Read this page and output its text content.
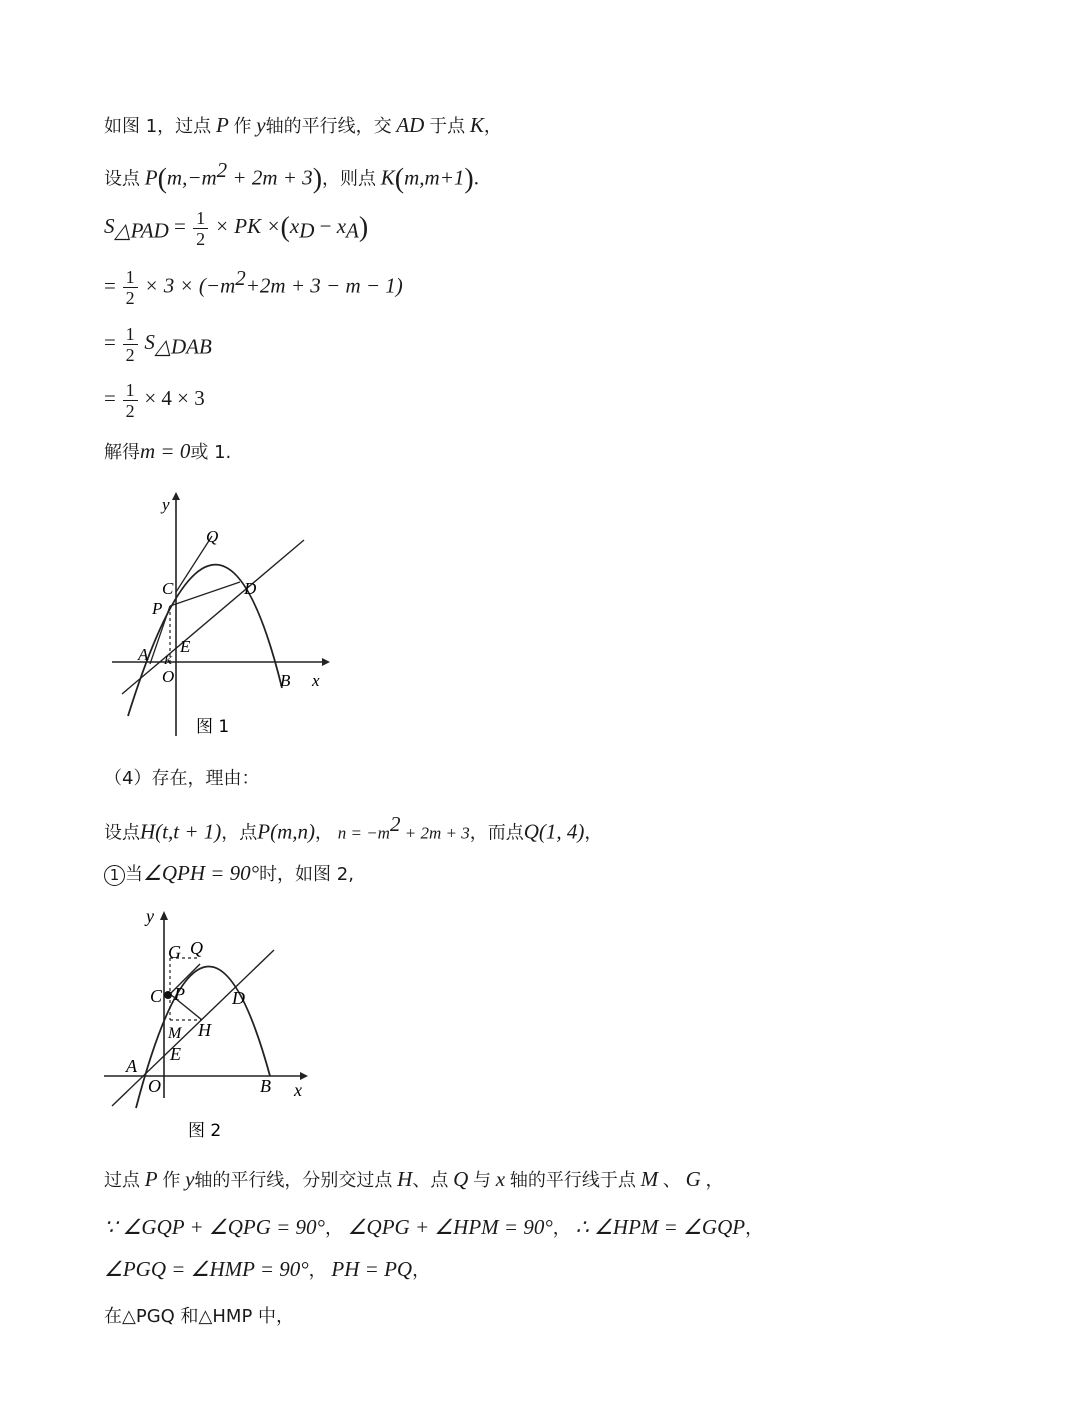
如图 1，过点 P 作 y轴的平行线，交 AD 于点 K，
设点 $P(m,-m^2 + 2m + 3)$，则点 K(m,m+1).
$S_{\triangle PAD} = \frac{1}{2}$ × PK $\times(x_D - x_A)$
= $\frac{1}{2} \times 3 \times (-m^2+2m + 3 - m - 1)$
= $\frac{1}{2} S_{\triangle DAB}$
= $\frac{1}{2} \times 4 \times 3$
解得m = 0或 1.
y
x
Q
C	D
P
E
A K
O	B
图 1
（4）存在，理由：
设点H(t,t + 1)，点P(m,n)， $n = -m^2 + 2m + 3$，而点Q(1, 4)，
1 当∠QPH = 90°时，如图 2,
y
x
G Q
C P	D
M H
E
A
O	B
图 2
过点 P 作 y轴的平行线，分别交过点 H、点 Q 与 x 轴的平行线于点 M 、 G ，
∵ ∠GQP + ∠QPG = 90°， ∠QPG + ∠HPM = 90°， ∴ ∠HPM = ∠GQP，
∠PGQ = ∠HMP = 90°， PH = PQ，
在△PGQ 和△HMP 中，
